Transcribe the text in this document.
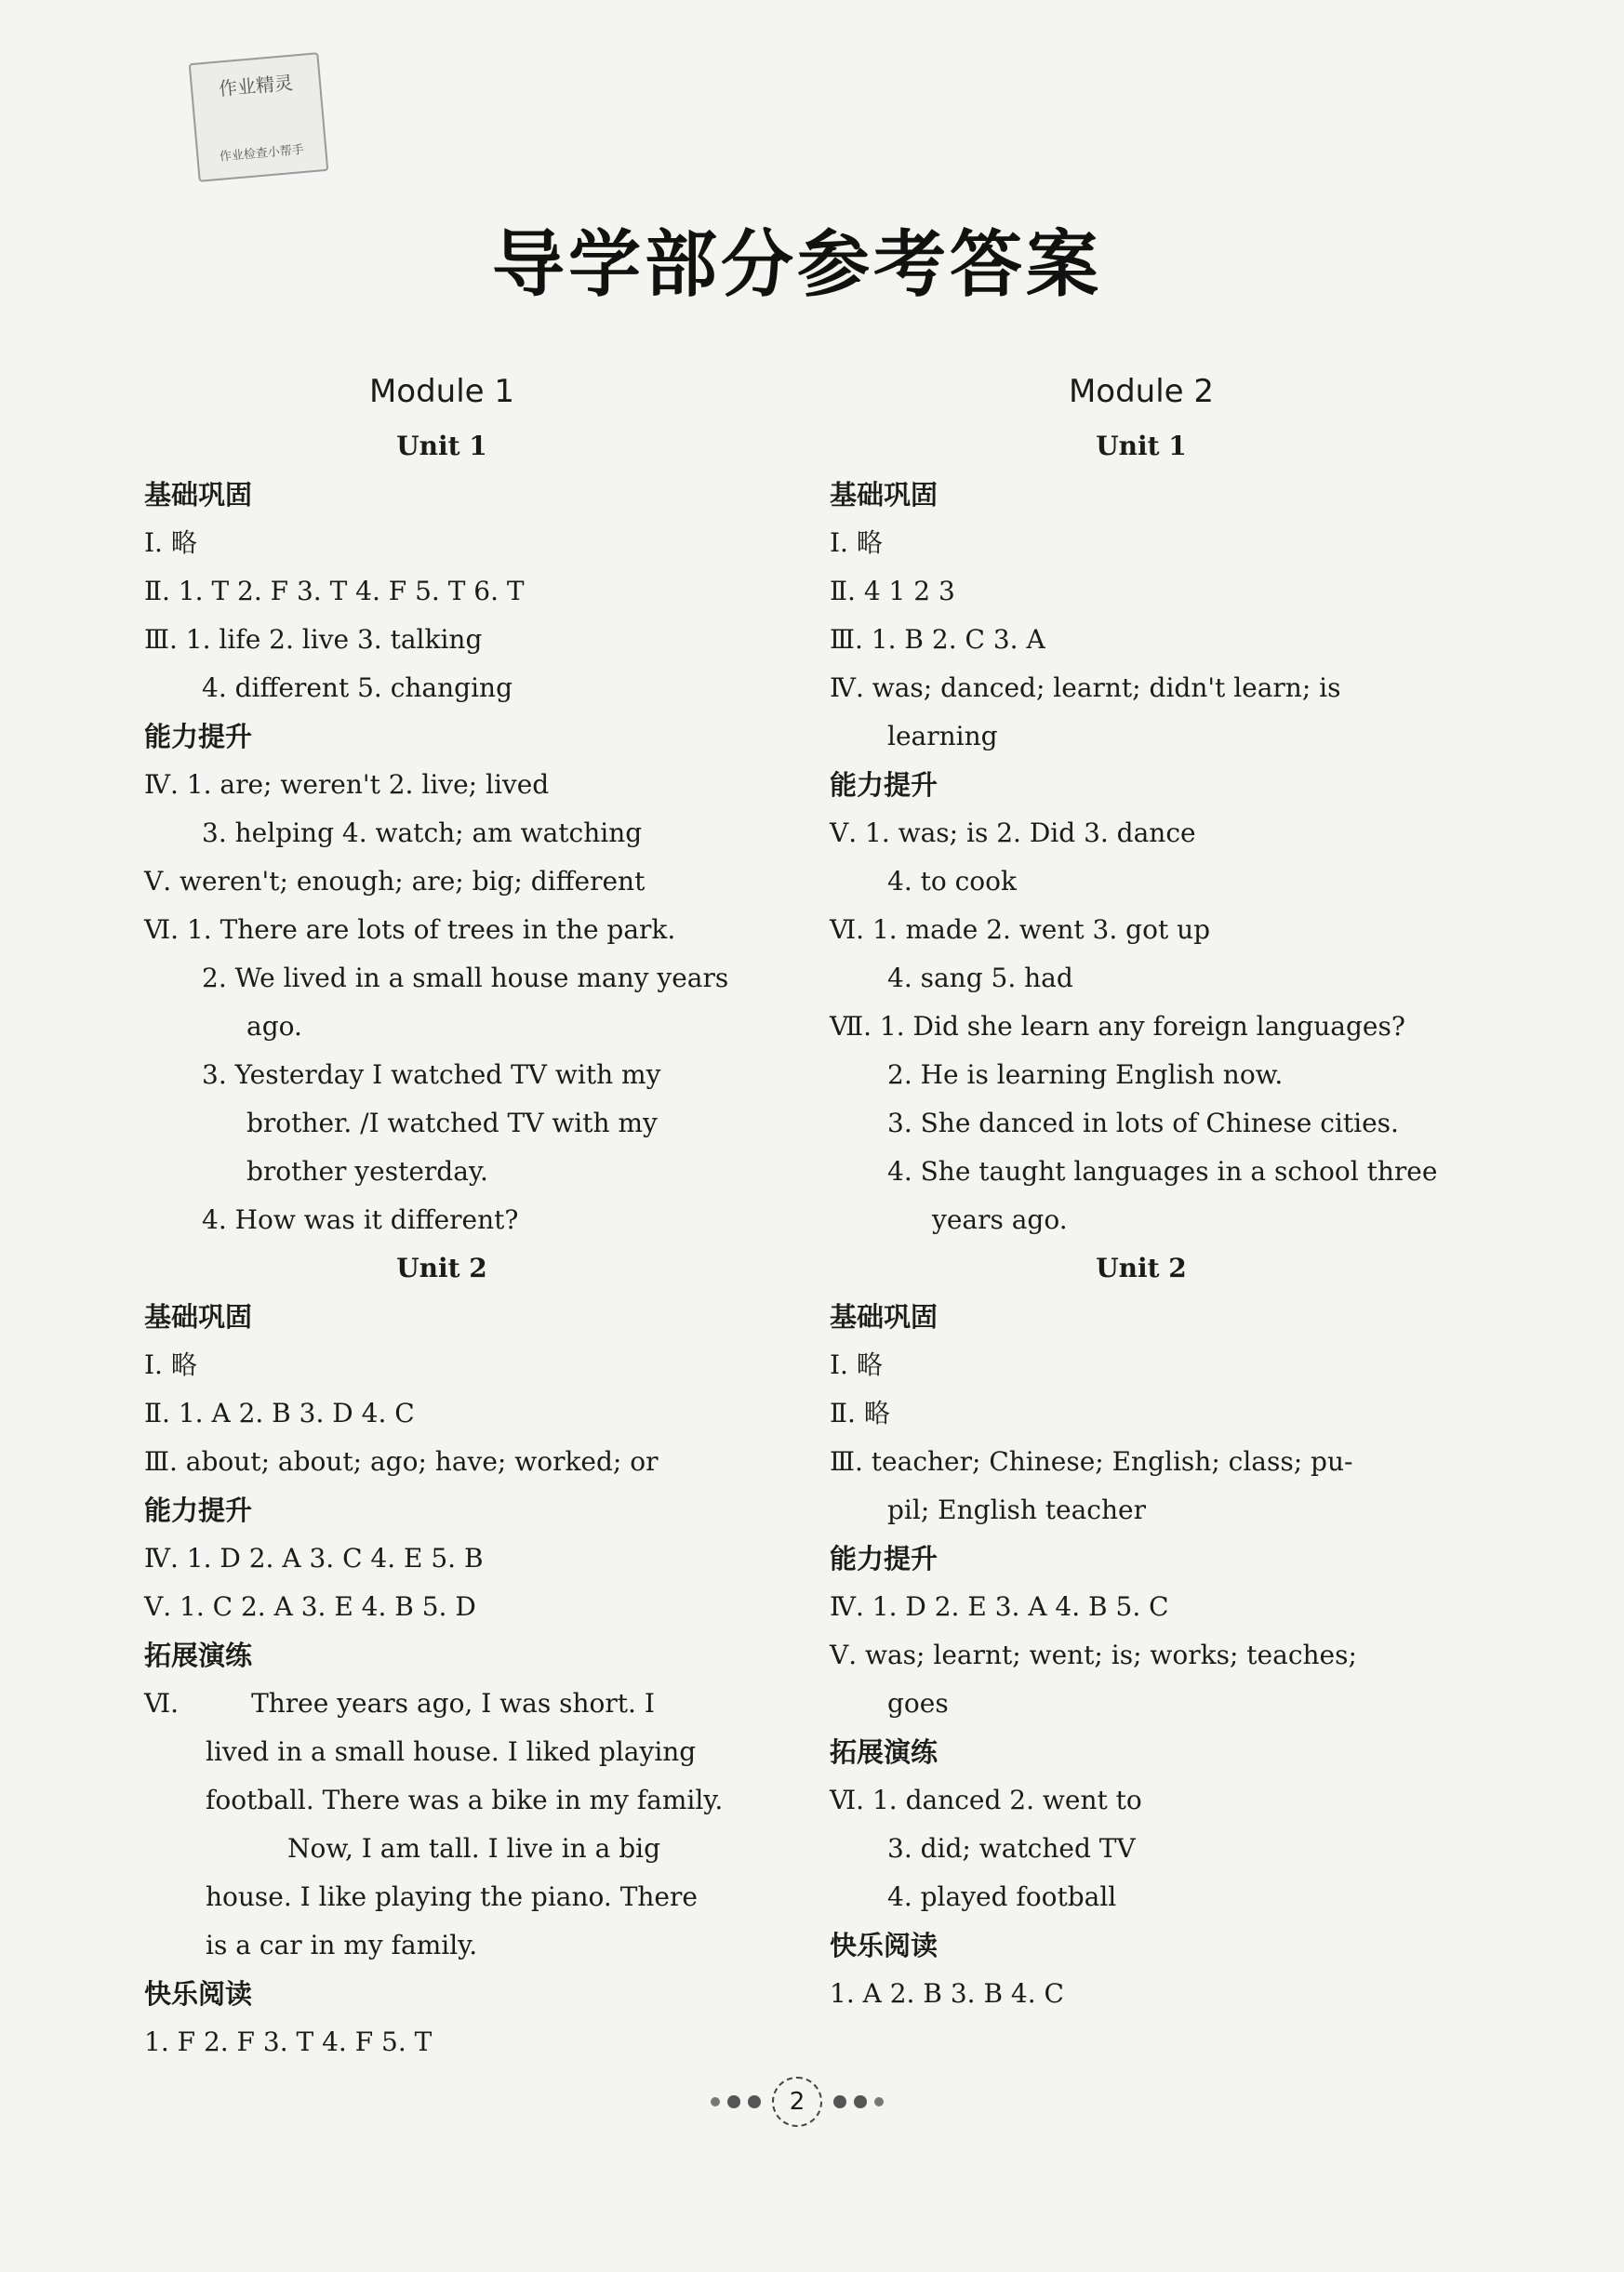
作业精灵
作业检查小帮手
导学部分参考答案
Module 1
Unit 1
基础巩固
Ⅰ. 略
Ⅱ. 1. T 2. F 3. T 4. F 5. T 6. T
Ⅲ. 1. life 2. live 3. talking
4. different 5. changing
能力提升
Ⅳ. 1. are; weren't 2. live; lived
3. helping 4. watch; am watching
Ⅴ. weren't; enough; are; big; different
Ⅵ. 1. There are lots of trees in the park.
2. We lived in a small house many years
ago.
3. Yesterday I watched TV with my
brother. /I watched TV with my
brother yesterday.
4. How was it different?
Unit 2
基础巩固
Ⅰ. 略
Ⅱ. 1. A 2. B 3. D 4. C
Ⅲ. about; about; ago; have; worked; or
能力提升
Ⅳ. 1. D 2. A 3. C 4. E 5. B
Ⅴ. 1. C 2. A 3. E 4. B 5. D
拓展演练
Ⅵ.	Three years ago, I was short. I
lived in a small house. I liked playing
football. There was a bike in my family.
Now, I am tall. I live in a big
house. I like playing the piano. There
is a car in my family.
快乐阅读
1. F 2. F 3. T 4. F 5. T
Module 2
Unit 1
基础巩固
Ⅰ. 略
Ⅱ. 4 1 2 3
Ⅲ. 1. B 2. C 3. A
Ⅳ. was; danced; learnt; didn't learn; is
learning
能力提升
Ⅴ. 1. was; is 2. Did 3. dance
4. to cook
Ⅵ. 1. made 2. went 3. got up
4. sang 5. had
Ⅶ. 1. Did she learn any foreign languages?
2. He is learning English now.
3. She danced in lots of Chinese cities.
4. She taught languages in a school three
years ago.
Unit 2
基础巩固
Ⅰ. 略
Ⅱ. 略
Ⅲ. teacher; Chinese; English; class; pu-
pil; English teacher
能力提升
Ⅳ. 1. D 2. E 3. A 4. B 5. C
Ⅴ. was; learnt; went; is; works; teaches;
goes
拓展演练
Ⅵ. 1. danced 2. went to
3. did; watched TV
4. played football
快乐阅读
1. A 2. B 3. B 4. C
2
